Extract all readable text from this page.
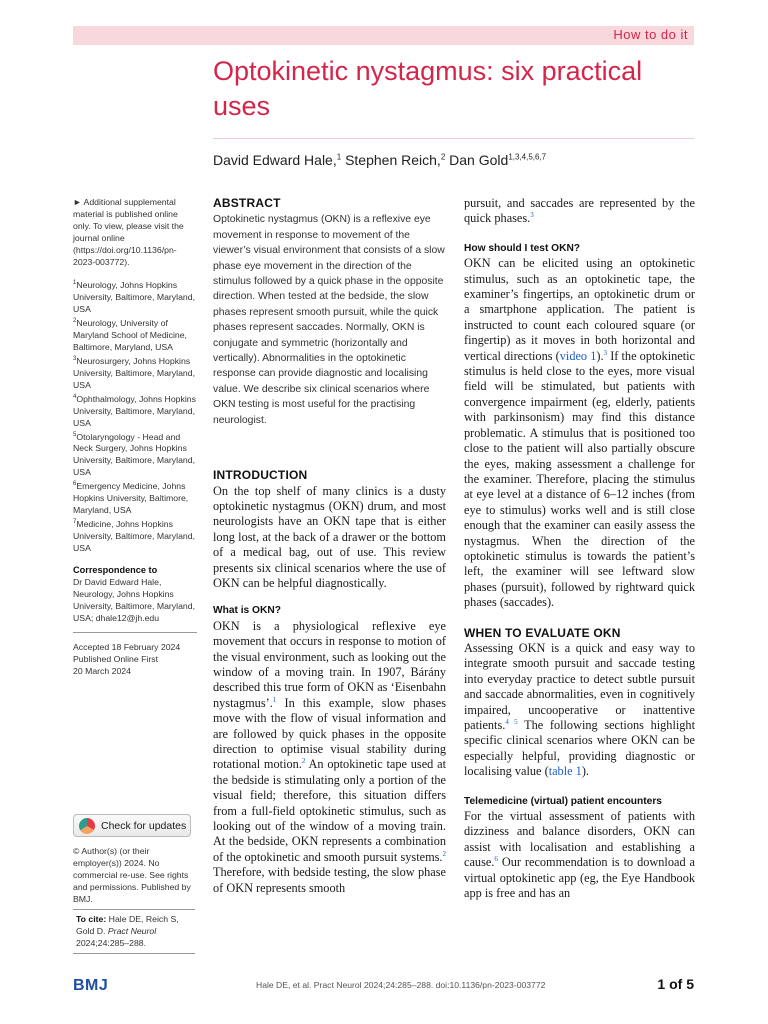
How to do it
Optokinetic nystagmus: six practical uses
David Edward Hale,$^1$ Stephen Reich,$^2$ Dan Gold$^{1,3,4,5,6,7}$
► Additional supplemental material is published online only. To view, please visit the journal online (https://doi.org/10.1136/pn-2023-003772).
$^1$Neurology, Johns Hopkins University, Baltimore, Maryland, USA
$^2$Neurology, University of Maryland School of Medicine, Baltimore, Maryland, USA
$^3$Neurosurgery, Johns Hopkins University, Baltimore, Maryland, USA
$^4$Ophthalmology, Johns Hopkins University, Baltimore, Maryland, USA
$^5$Otolaryngology - Head and Neck Surgery, Johns Hopkins University, Baltimore, Maryland, USA
$^6$Emergency Medicine, Johns Hopkins University, Baltimore, Maryland, USA
$^7$Medicine, Johns Hopkins University, Baltimore, Maryland, USA
Correspondence to
Dr David Edward Hale, Neurology, Johns Hopkins University, Baltimore, Maryland, USA; dhale12@jh.edu
Accepted 18 February 2024
Published Online First
20 March 2024
Check for updates
© Author(s) (or their employer(s)) 2024. No commercial re-use. See rights and permissions. Published by BMJ.
To cite: Hale DE, Reich S, Gold D. Pract Neurol 2024;24:285–288.
ABSTRACT

Optokinetic nystagmus (OKN) is a reflexive eye movement in response to movement of the viewer’s visual environment that consists of a slow phase eye movement in the direction of the stimulus followed by a quick phase in the opposite direction. When tested at the bedside, the slow phases represent smooth pursuit, while the quick phases represent saccades. Normally, OKN is conjugate and symmetric (horizontally and vertically). Abnormalities in the optokinetic response can provide diagnostic and localising value. We describe six clinical scenarios where OKN testing is most useful for the practising neurologist.

INTRODUCTION

On the top shelf of many clinics is a dusty optokinetic nystagmus (OKN) drum, and most neurologists have an OKN tape that is either long lost, at the back of a drawer or the bottom of a medical bag, out of use. This review presents six clinical scenarios where the use of OKN can be helpful diagnostically.

What is OKN?

OKN is a physiological reflexive eye movement that occurs in response to motion of the visual environment, such as looking out the window of a moving train. In 1907, Bárány described this true form of OKN as ‘Eisenbahn nystagmus’.$^1$ In this example, slow phases move with the flow of visual information and are followed by quick phases in the opposite direction to optimise visual stability during rotational motion.$^2$ An optokinetic tape used at the bedside is stimulating only a portion of the visual field; therefore, this situation differs from a full-field optokinetic stimulus, such as looking out of the window of a moving train. At the bedside, OKN represents a combination of the optokinetic and smooth pursuit systems.$^2$ Therefore, with bedside testing, the slow phase of OKN represents smooth

pursuit, and saccades are represented by the quick phases.$^3$

How should I test OKN?

OKN can be elicited using an optokinetic stimulus, such as an optokinetic tape, the examiner’s fingertips, an optokinetic drum or a smartphone application. The patient is instructed to count each coloured square (or fingertip) as it moves in both horizontal and vertical directions (video 1).$^3$ If the optokinetic stimulus is held close to the eyes, more visual field will be stimulated, but patients with convergence impairment (eg, elderly, patients with parkinsonism) may find this distance problematic. A stimulus that is positioned too close to the patient will also partially obscure the eyes, making assessment a challenge for the examiner. Therefore, placing the stimulus at eye level at a distance of 6–12 inches (from eye to stimulus) works well and is still close enough that the examiner can easily assess the nystagmus. When the direction of the optokinetic stimulus is towards the patient’s left, the examiner will see leftward slow phases (pursuit), followed by rightward quick phases (saccades).

WHEN TO EVALUATE OKN

Assessing OKN is a quick and easy way to integrate smooth pursuit and saccade testing into everyday practice to detect subtle pursuit and saccade abnormalities, even in cognitively impaired, uncooperative or inattentive patients.$^{4 5}$ The following sections highlight specific clinical scenarios where OKN can be especially helpful, providing diagnostic or localising value (table 1).

Telemedicine (virtual) patient encounters

For the virtual assessment of patients with dizziness and balance disorders, OKN can assist with localisation and establishing a cause.$^6$ Our recommendation is to download a virtual optokinetic app (eg, the Eye Handbook app is free and has an

BMJ	Hale DE, et al. Pract Neurol 2024;24:285–288. doi:10.1136/pn-2023-003772	1 of 5
